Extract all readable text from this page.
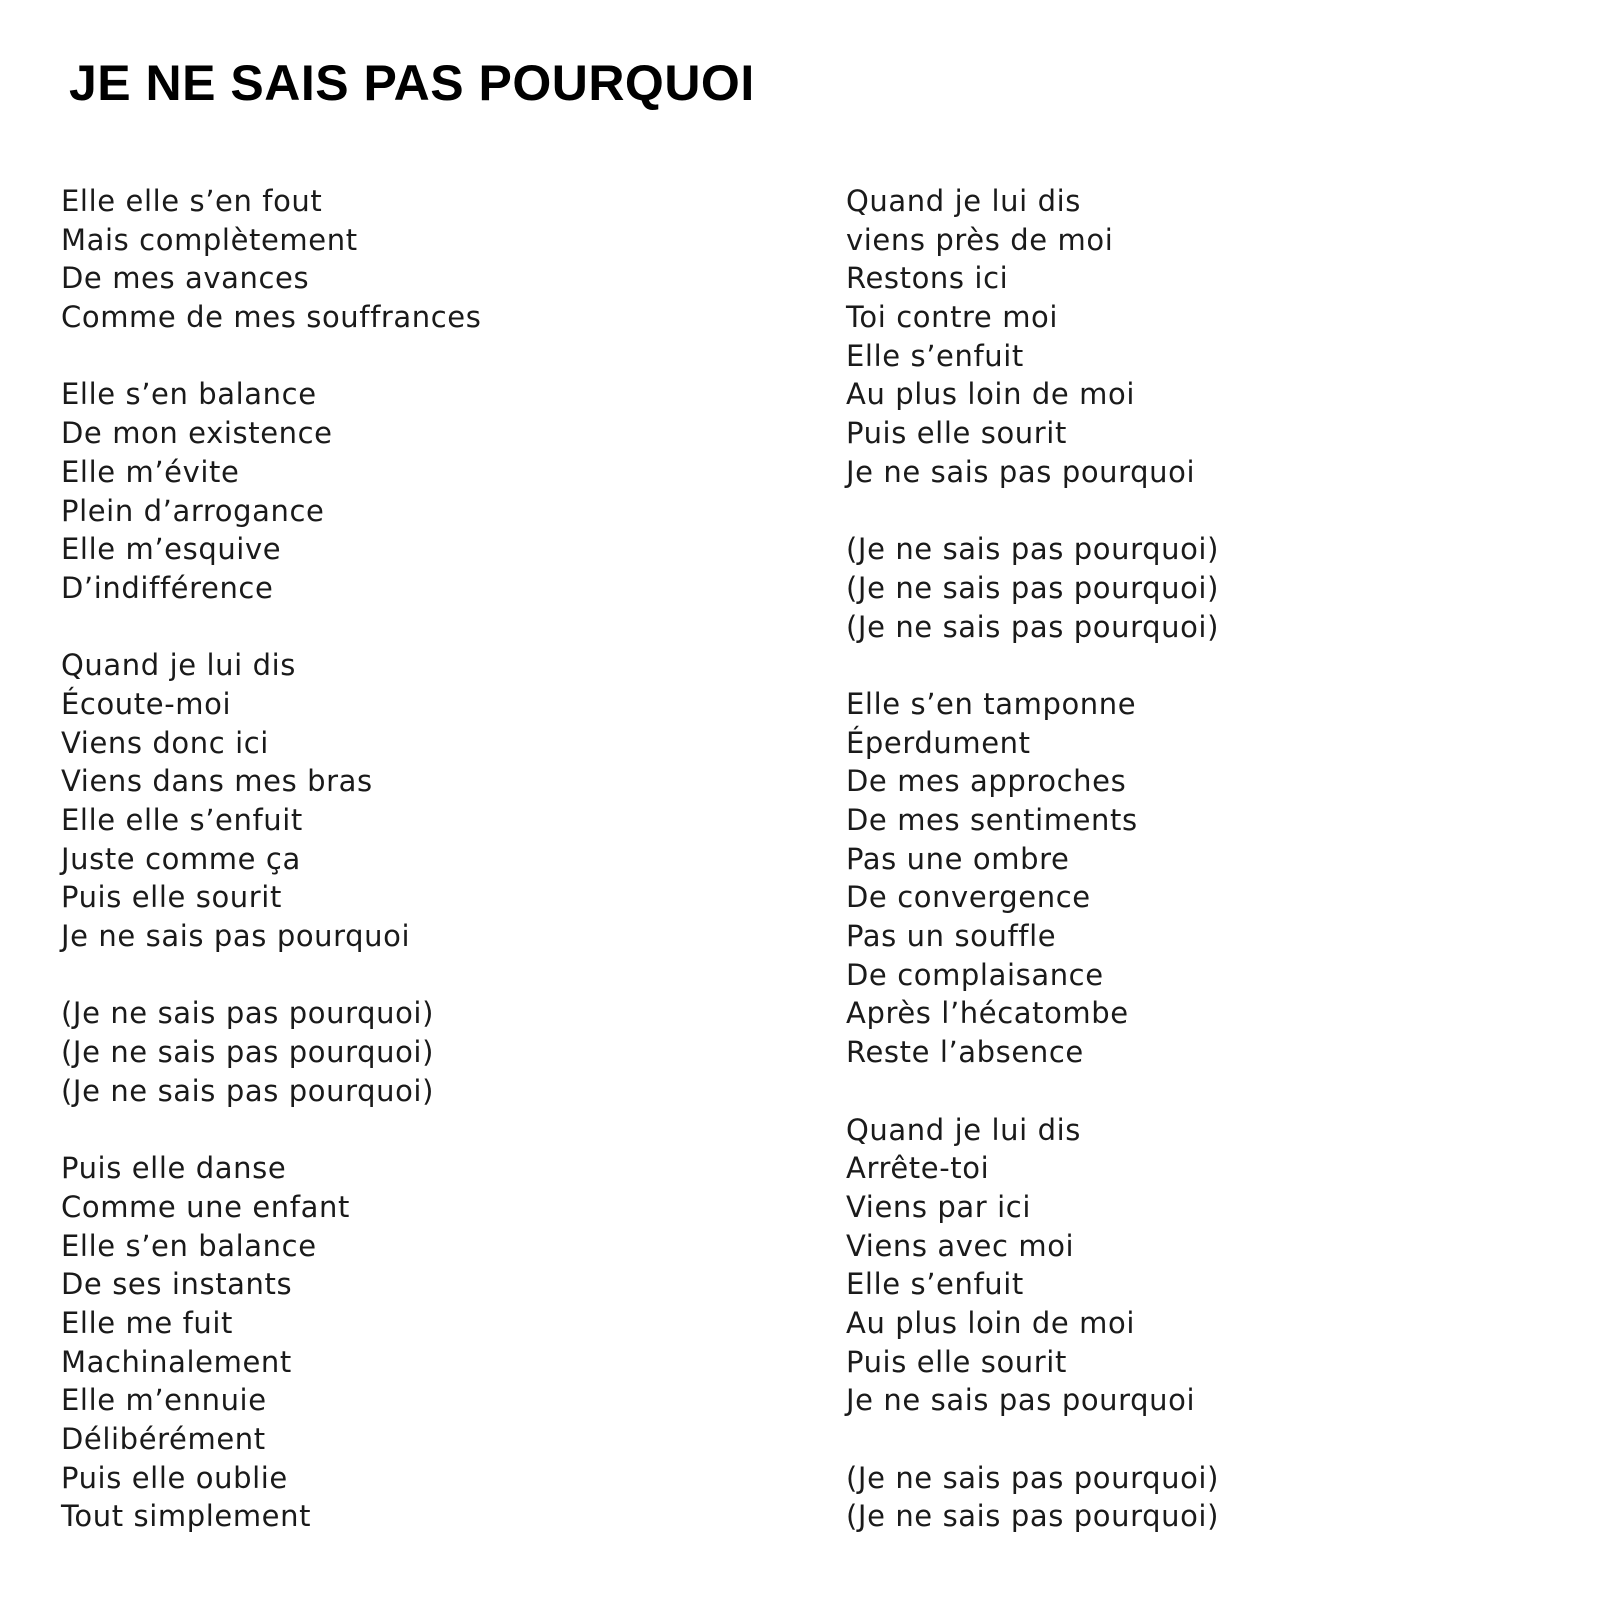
JE NE SAIS PAS POURQUOI
Elle elle s’en fout
Mais complètement
De mes avances
Comme de mes souffrances
Elle s’en balance
De mon existence
Elle m’évite
Plein d’arrogance
Elle m’esquive
D’indifférence
Quand je lui dis
Écoute-moi
Viens donc ici
Viens dans mes bras
Elle elle s’enfuit
Juste comme ça
Puis elle sourit
Je ne sais pas pourquoi
(Je ne sais pas pourquoi)
(Je ne sais pas pourquoi)
(Je ne sais pas pourquoi)
Puis elle danse
Comme une enfant
Elle s’en balance
De ses instants
Elle me fuit
Machinalement
Elle m’ennuie
Délibérément
Puis elle oublie
Tout simplement
Quand je lui dis
viens près de moi
Restons ici
Toi contre moi
Elle s’enfuit
Au plus loin de moi
Puis elle sourit
Je ne sais pas pourquoi
(Je ne sais pas pourquoi)
(Je ne sais pas pourquoi)
(Je ne sais pas pourquoi)
Elle s’en tamponne
Éperdument
De mes approches
De mes sentiments
Pas une ombre
De convergence
Pas un souffle
De complaisance
Après l’hécatombe
Reste l’absence
Quand je lui dis
Arrête-toi
Viens par ici
Viens avec moi
Elle s’enfuit
Au plus loin de moi
Puis elle sourit
Je ne sais pas pourquoi
(Je ne sais pas pourquoi)
(Je ne sais pas pourquoi)
